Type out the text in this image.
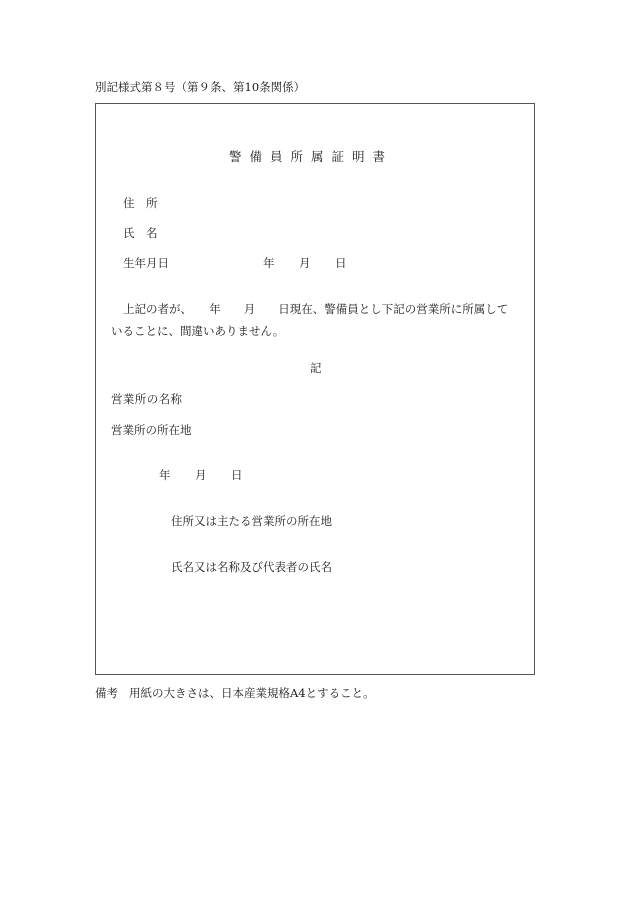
別記様式第８号（第９条、第10条関係）
警備員所属証明書
住　所
氏　名
生年月日	年 月 日
上記の者が、　　年　　月　　日現在、警備員とし下記の営業所に所属して
いることに、間違いありません。
記
営業所の名称
営業所の所在地
年 月 日
住所又は主たる営業所の所在地
氏名又は名称及び代表者の氏名
備考 用紙の大きさは、日本産業規格A4とすること。
